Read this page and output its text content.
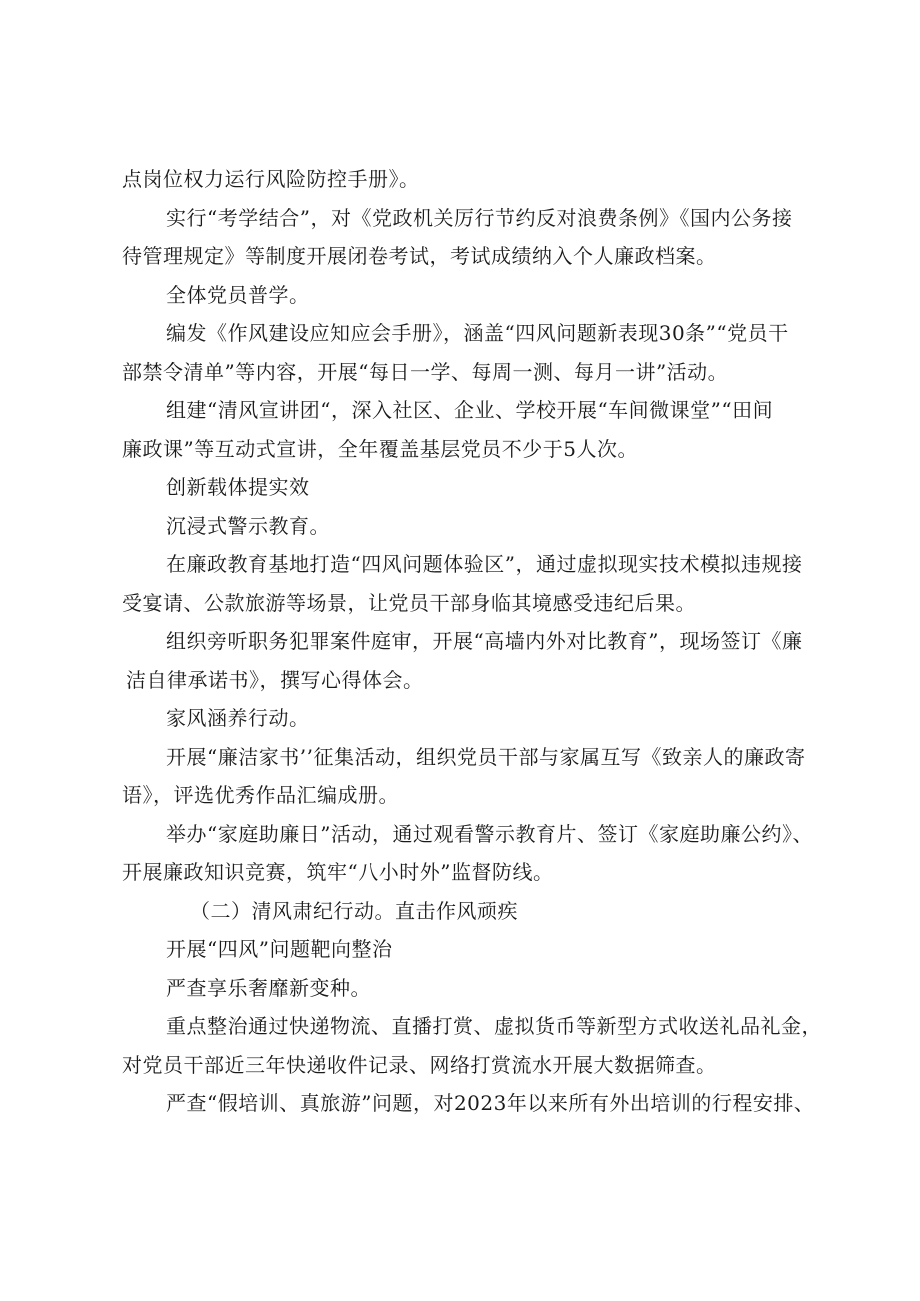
点岗位权力运行风险防控手册》。
实行“考学结合”，对《党政机关厉行节约反对浪费条例》《国内公务接
待管理规定》等制度开展闭卷考试，考试成绩纳入个人廉政档案。
全体党员普学。
编发《作风建设应知应会手册》，涵盖“四风问题新表现30条”“党员干
部禁令清单”等内容，开展“每日一学、每周一测、每月一讲”活动。
组建“清风宣讲团“，深入社区、企业、学校开展“车间微课堂”“田间
廉政课”等互动式宣讲，全年覆盖基层党员不少于5人次。
创新载体提实效
沉浸式警示教育。
在廉政教育基地打造“四风问题体验区”，通过虚拟现实技术模拟违规接
受宴请、公款旅游等场景，让党员干部身临其境感受违纪后果。
组织旁听职务犯罪案件庭审，开展“高墙内外对比教育”，现场签订《廉
洁自律承诺书》，撰写心得体会。
家风涵养行动。
开展“廉洁家书’’征集活动，组织党员干部与家属互写《致亲人的廉政寄
语》，评选优秀作品汇编成册。
举办“家庭助廉日”活动，通过观看警示教育片、签订《家庭助廉公约》、
开展廉政知识竞赛，筑牢“八小时外”监督防线。
（二）清风肃纪行动。直击作风顽疾
开展“四风”问题靶向整治
严查享乐奢靡新变种。
重点整治通过快递物流、直播打赏、虚拟货币等新型方式收送礼品礼金，
对党员干部近三年快递收件记录、网络打赏流水开展大数据筛查。
严查“假培训、真旅游”问题，对2023年以来所有外出培训的行程安排、
